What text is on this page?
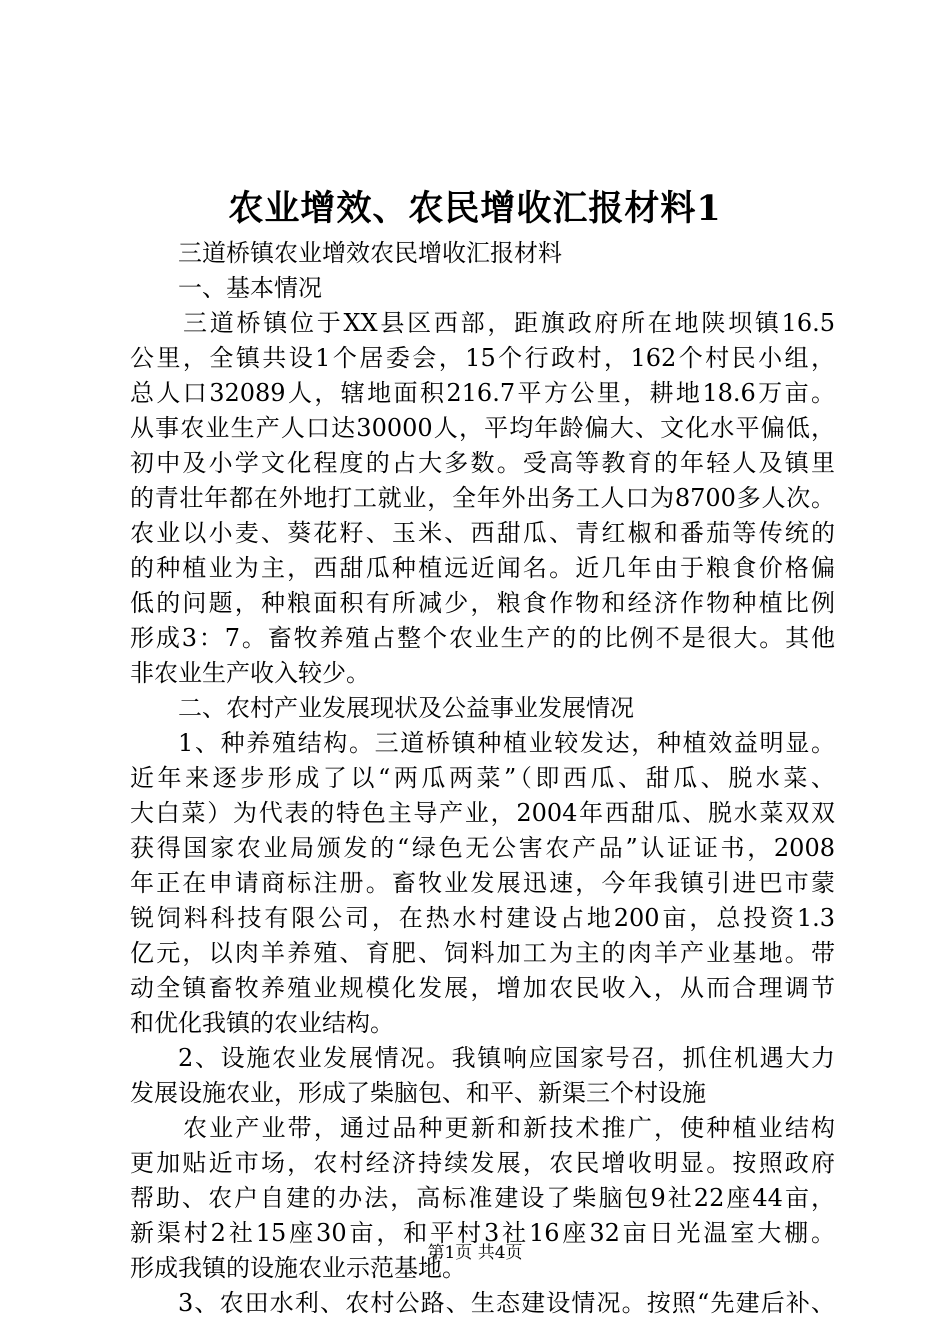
农业增效、农民增收汇报材料1
三道桥镇农业增效农民增收汇报材料
一、基本情况
三道桥镇位于XX县区西部，距旗政府所在地陕坝镇16.5
公里，全镇共设1个居委会，15个行政村，162个村民小组，
总人口32089人，辖地面积216.7平方公里，耕地18.6万亩。
从事农业生产人口达30000人，平均年龄偏大、文化水平偏低，
初中及小学文化程度的占大多数。受高等教育的年轻人及镇里
的青壮年都在外地打工就业，全年外出务工人口为8700多人次。
农业以小麦、葵花籽、玉米、西甜瓜、青红椒和番茄等传统的
的种植业为主，西甜瓜种植远近闻名。近几年由于粮食价格偏
低的问题，种粮面积有所减少，粮食作物和经济作物种植比例
形成3：7。畜牧养殖占整个农业生产的的比例不是很大。其他
非农业生产收入较少。
二、农村产业发展现状及公益事业发展情况
1、种养殖结构。三道桥镇种植业较发达，种植效益明显。
近年来逐步形成了以“两瓜两菜”（即西瓜、甜瓜、脱水菜、
大白菜）为代表的特色主导产业，2004年西甜瓜、脱水菜双双
获得国家农业局颁发的“绿色无公害农产品”认证证书，2008
年正在申请商标注册。畜牧业发展迅速，今年我镇引进巴市蒙
锐饲料科技有限公司，在热水村建设占地200亩，总投资1.3
亿元，以肉羊养殖、育肥、饲料加工为主的肉羊产业基地。带
动全镇畜牧养殖业规模化发展，增加农民收入，从而合理调节
和优化我镇的农业结构。
2、设施农业发展情况。我镇响应国家号召，抓住机遇大力
发展设施农业，形成了柴脑包、和平、新渠三个村设施
农业产业带，通过品种更新和新技术推广，使种植业结构
更加贴近市场，农村经济持续发展，农民增收明显。按照政府
帮助、农户自建的办法，高标准建设了柴脑包9社22座44亩，
新渠村2社15座30亩，和平村3社16座32亩日光温室大棚。
形成我镇的设施农业示范基地。
3、农田水利、农村公路、生态建设情况。按照“先建后补、
第1页 共4页
